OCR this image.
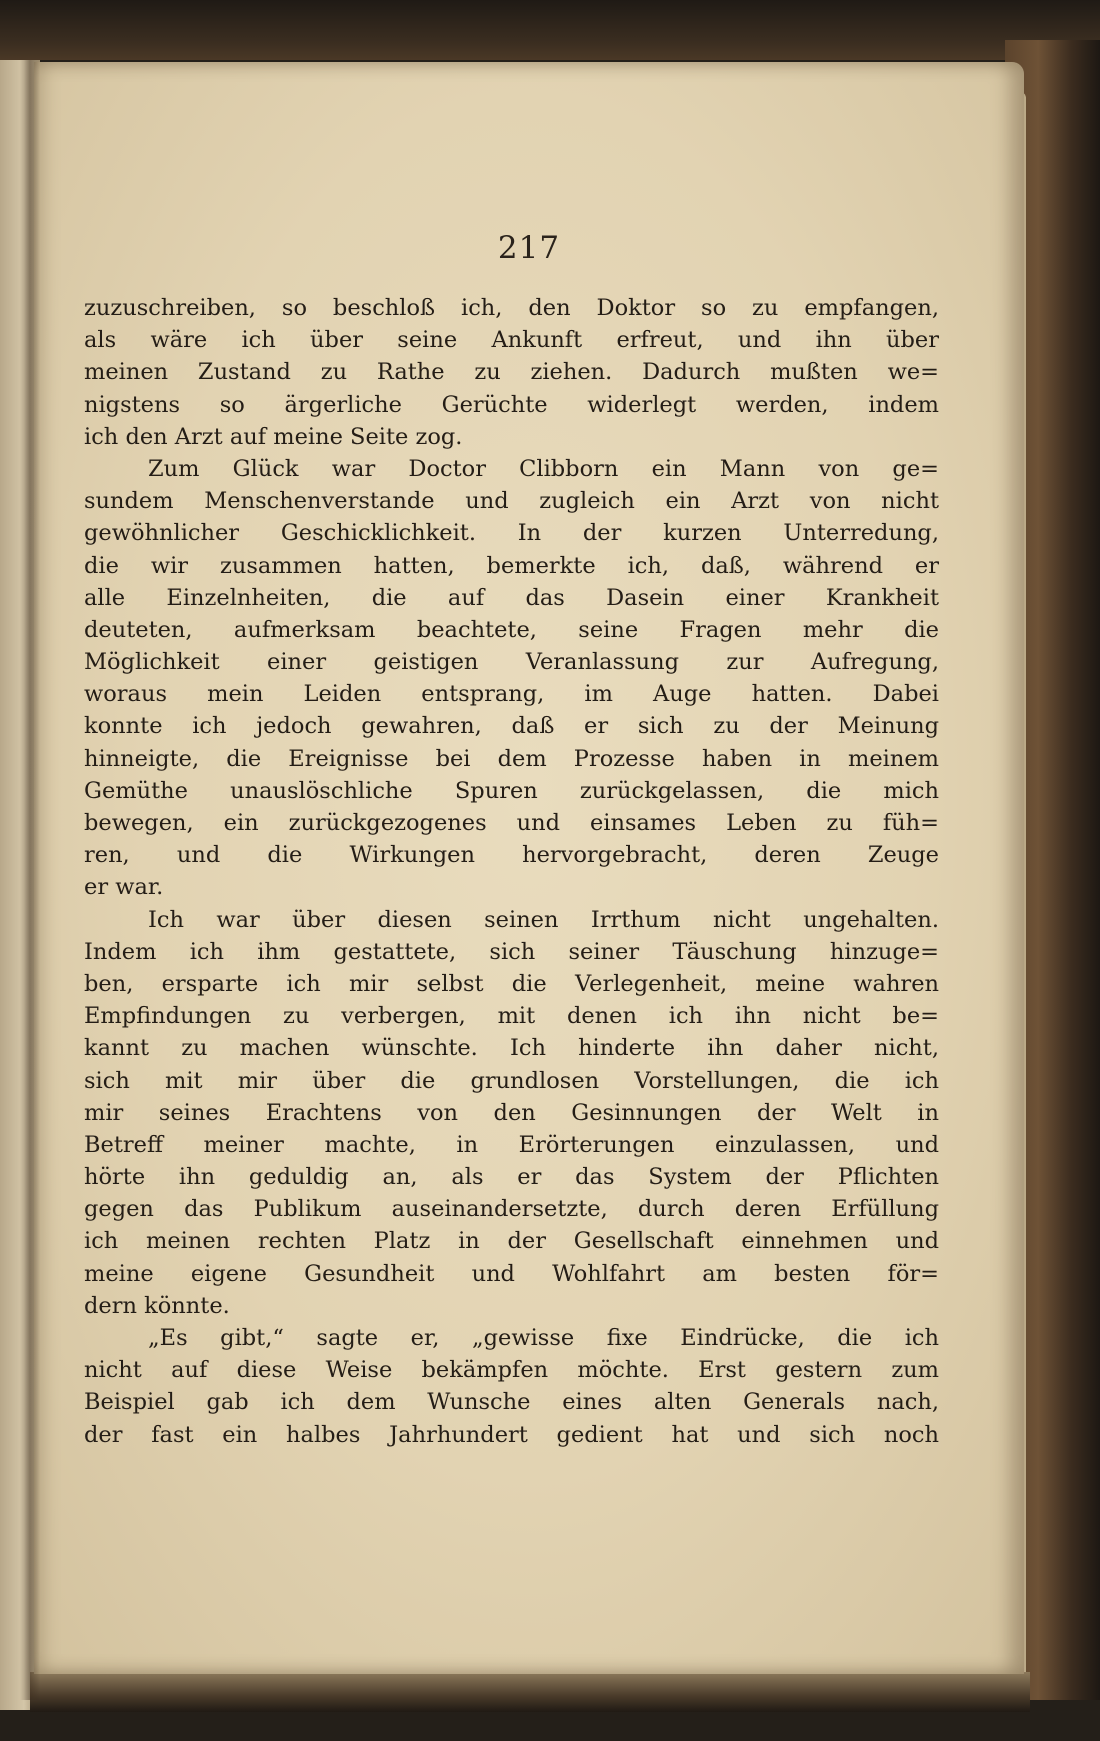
217
zuzuschreiben, so beschloß ich, den Doktor so zu empfangen,
als wäre ich über seine Ankunft erfreut, und ihn über
meinen Zustand zu Rathe zu ziehen. Dadurch mußten we=
nigstens so ärgerliche Gerüchte widerlegt werden, indem
ich den Arzt auf meine Seite zog.
Zum Glück war Doctor Clibborn ein Mann von ge=
sundem Menschenverstande und zugleich ein Arzt von nicht
gewöhnlicher Geschicklichkeit. In der kurzen Unterredung,
die wir zusammen hatten, bemerkte ich, daß, während er
alle Einzelnheiten, die auf das Dasein einer Krankheit
deuteten, aufmerksam beachtete, seine Fragen mehr die
Möglichkeit einer geistigen Veranlassung zur Aufregung,
woraus mein Leiden entsprang, im Auge hatten. Dabei
konnte ich jedoch gewahren, daß er sich zu der Meinung
hinneigte, die Ereignisse bei dem Prozesse haben in meinem
Gemüthe unauslöschliche Spuren zurückgelassen, die mich
bewegen, ein zurückgezogenes und einsames Leben zu füh=
ren, und die Wirkungen hervorgebracht, deren Zeuge
er war.
Ich war über diesen seinen Irrthum nicht ungehalten.
Indem ich ihm gestattete, sich seiner Täuschung hinzuge=
ben, ersparte ich mir selbst die Verlegenheit, meine wahren
Empfindungen zu verbergen, mit denen ich ihn nicht be=
kannt zu machen wünschte. Ich hinderte ihn daher nicht,
sich mit mir über die grundlosen Vorstellungen, die ich
mir seines Erachtens von den Gesinnungen der Welt in
Betreff meiner machte, in Erörterungen einzulassen, und
hörte ihn geduldig an, als er das System der Pflichten
gegen das Publikum auseinandersetzte, durch deren Erfüllung
ich meinen rechten Platz in der Gesellschaft einnehmen und
meine eigene Gesundheit und Wohlfahrt am besten för=
dern könnte.
„Es gibt,“ sagte er, „gewisse fixe Eindrücke, die ich
nicht auf diese Weise bekämpfen möchte. Erst gestern zum
Beispiel gab ich dem Wunsche eines alten Generals nach,
der fast ein halbes Jahrhundert gedient hat und sich noch
